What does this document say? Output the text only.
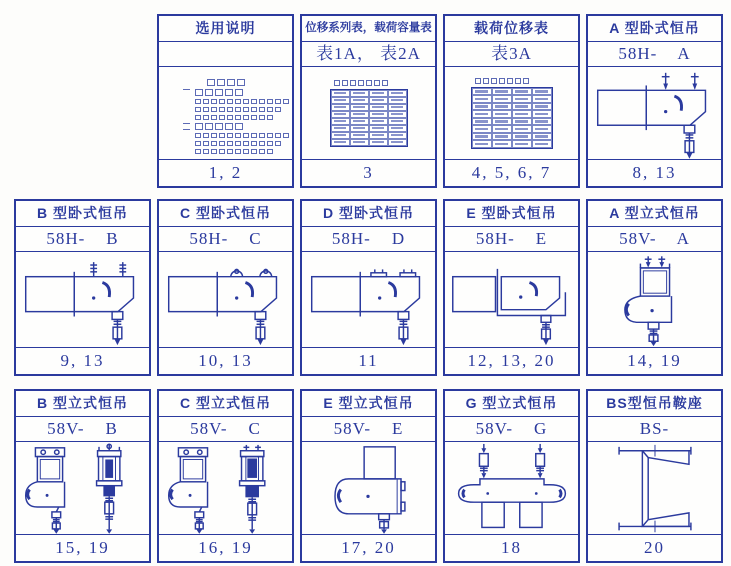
选用说明
1, 2
位移系列表，载荷容量表
表1A， 表2A
3
载荷位移表
表3A
4, 5, 6, 7
A 型卧式恒吊
58H-    A
8, 13
B 型卧式恒吊
58H-    B
9, 13
C 型卧式恒吊
58H-    C
10, 13
D 型卧式恒吊
58H-    D
11
E 型卧式恒吊
58H-    E
12, 13, 20
A 型立式恒吊
58V-    A
14, 19
B 型立式恒吊
58V-    B
15, 19
C 型立式恒吊
58V-    C
16, 19
E 型立式恒吊
58V-    E
17, 20
G 型立式恒吊
58V-    G
18
BS型恒吊鞍座
BS-
20
